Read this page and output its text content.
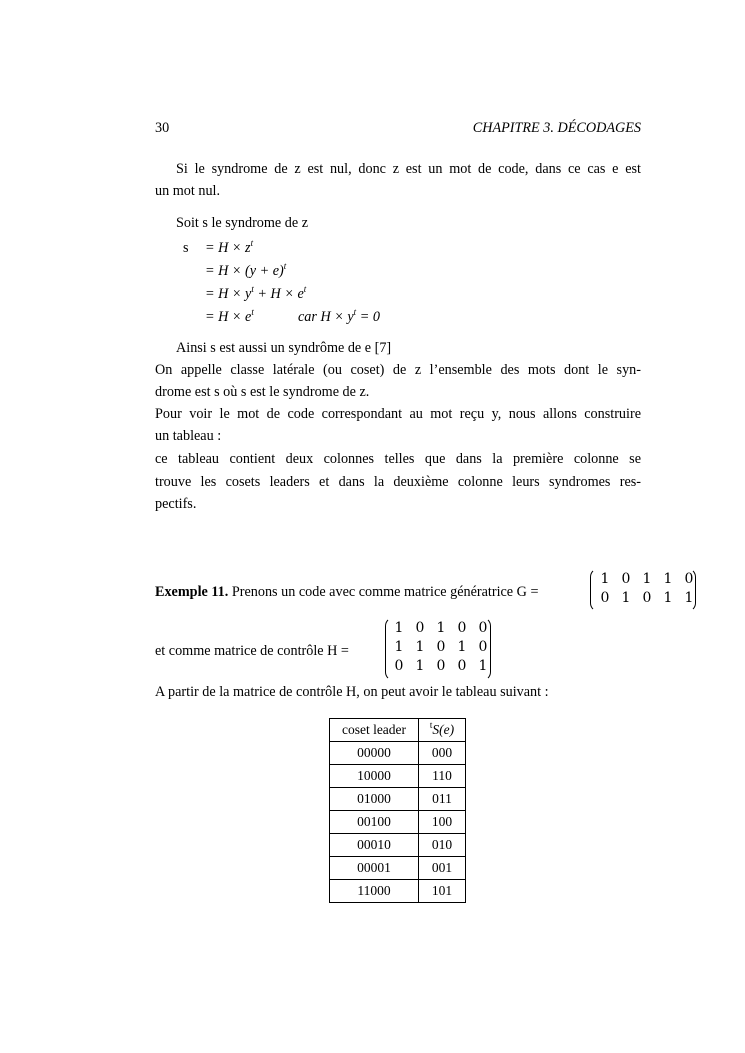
30	CHAPITRE 3. DÉCODAGES
Si le syndrome de z est nul, donc z est un mot de code, dans ce cas e est
un mot nul.
Soit s le syndrome de z
$s = H \times z^t$
= $H \times (y + e)^t$
= $H \times y^t + H \times e^t$
= $H \times e^t$	car $H \times y^t = 0$
Ainsi s est aussi un syndrôme de e [7]
On appelle classe latérale (ou coset) de z l’ensemble des mots dont le syn-
drome est s où s est le syndrome de z.
Pour voir le mot de code correspondant au mot reçu y, nous allons construire
un tableau :
ce tableau contient deux colonnes telles que dans la première colonne se
trouve les cosets leaders et dans la deuxième colonne leurs syndromes res-
pectifs.
Exemple 11. Prenons un code avec comme matrice génératrice G =
1 0 1 1 0
0 1 0 1 1
et comme matrice de contrôle H =
1 0 1 0 0
1 1 0 1 0
0 1 0 0 1
A partir de la matrice de contrôle H, on peut avoir le tableau suivant :
coset leader	$^t$S(e)
00000	000
10000	110
01000	011
00100	100
00010	010
00001	001
11000	101
